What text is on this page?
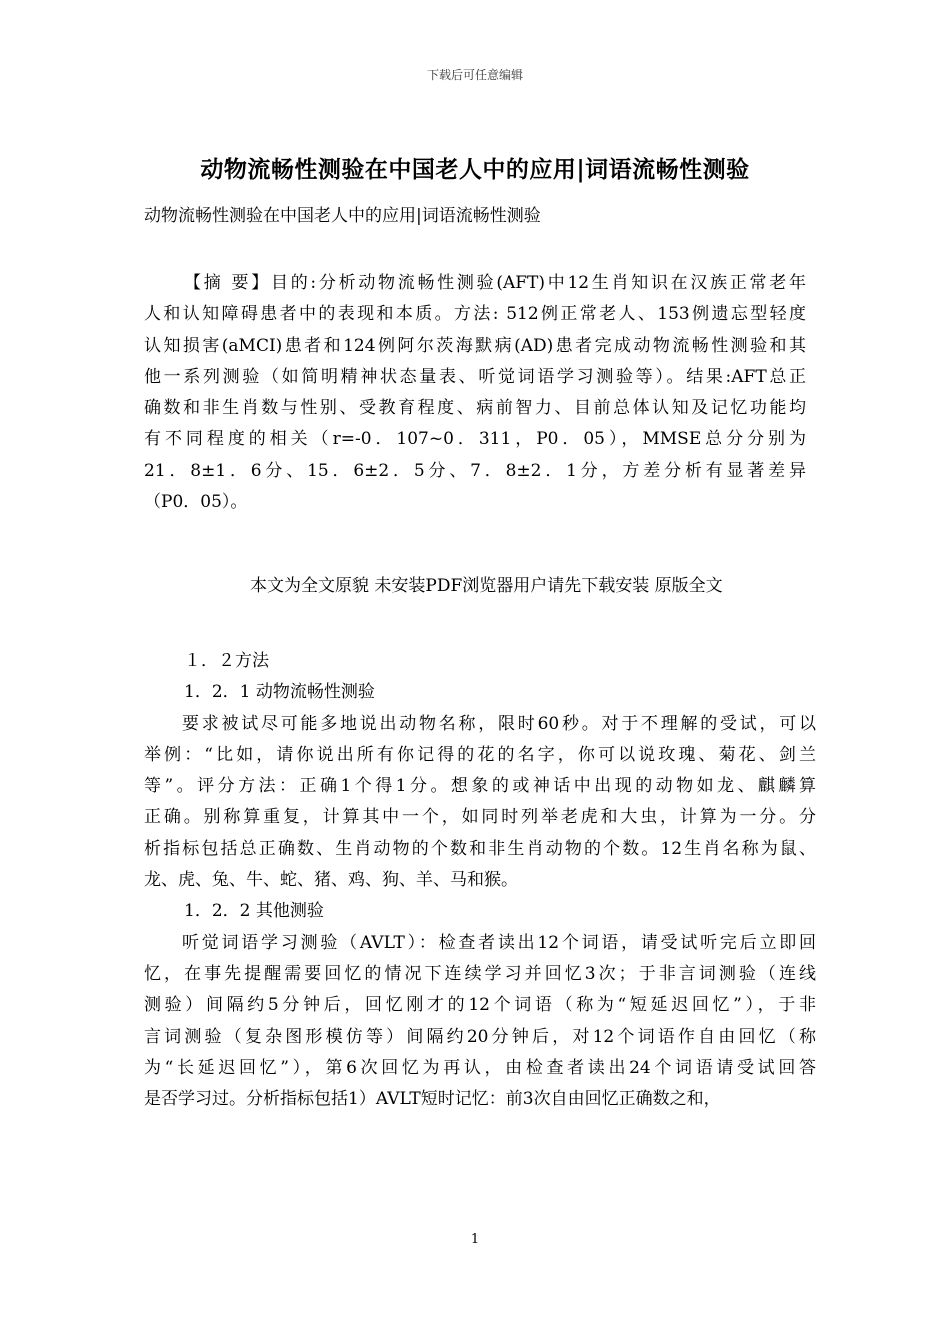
下载后可任意编辑
动物流畅性测验在中国老人中的应用|词语流畅性测验
动物流畅性测验在中国老人中的应用|词语流畅性测验
【摘 要】目的:分析动物流畅性测验(AFT)中12生肖知识在汉族正常老年
人和认知障碍患者中的表现和本质。方法: 512例正常老人、153例遗忘型轻度
认知损害(aMCI)患者和124例阿尔茨海默病(AD)患者完成动物流畅性测验和其
他一系列测验（如简明精神状态量表、听觉词语学习测验等）。结果:AFT总正
确数和非生肖数与性别、受教育程度、病前智力、目前总体认知及记忆功能均
有不同程度的相关（r=-0．107~0．311，P0．05），MMSE总分分别为
21．8±1．6分、15．6±2．5分、7．8±2．1分，方差分析有显著差异
（P0．05）。
本文为全文原貌 未安装PDF浏览器用户请先下载安装 原版全文
１．２方法
1．2．1 动物流畅性测验
要求被试尽可能多地说出动物名称，限时60秒。对于不理解的受试，可以
举例：“比如，请你说出所有你记得的花的名字，你可以说玫瑰、菊花、剑兰
等”。评分方法：正确1个得1分。想象的或神话中出现的动物如龙、麒麟算
正确。别称算重复，计算其中一个，如同时列举老虎和大虫，计算为一分。分
析指标包括总正确数、生肖动物的个数和非生肖动物的个数。12生肖名称为鼠、
龙、虎、兔、牛、蛇、猪、鸡、狗、羊、马和猴。
1．2．2 其他测验
听觉词语学习测验（AVLT）：检查者读出12个词语，请受试听完后立即回
忆，在事先提醒需要回忆的情况下连续学习并回忆3次；于非言词测验（连线
测验）间隔约5分钟后，回忆刚才的12个词语（称为“短延迟回忆”），于非
言词测验（复杂图形模仿等）间隔约20分钟后，对12个词语作自由回忆（称
为“长延迟回忆”），第6次回忆为再认，由检查者读出24个词语请受试回答
是否学习过。分析指标包括1）AVLT短时记忆：前3次自由回忆正确数之和，
1
